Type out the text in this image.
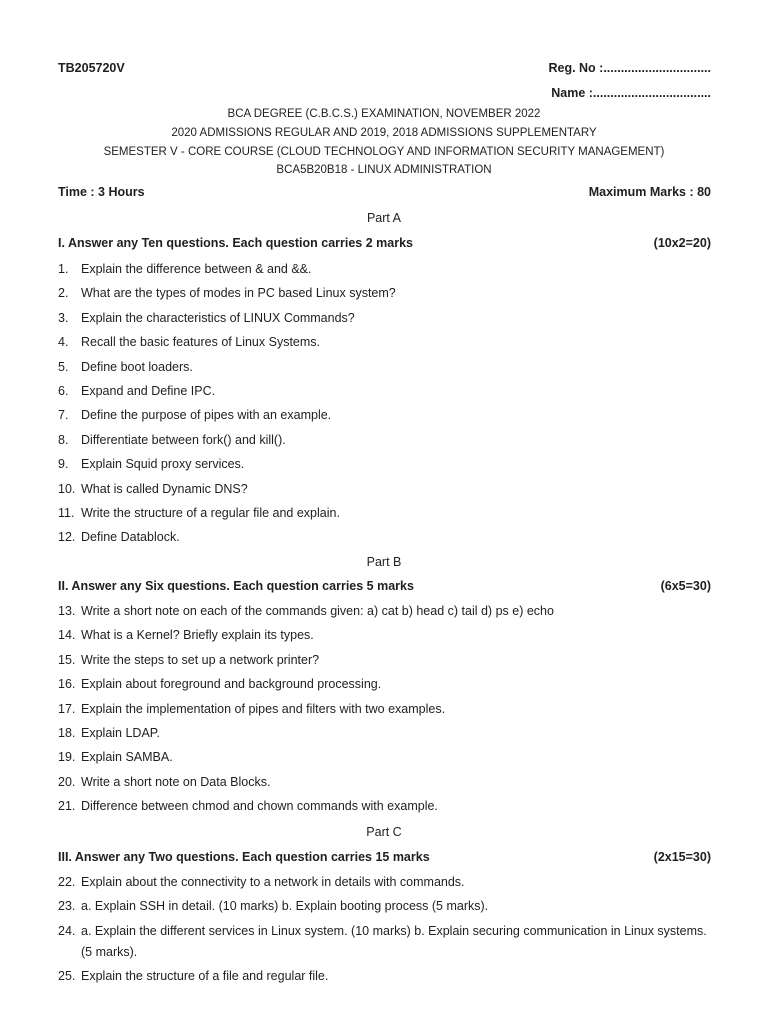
TB205720V	Reg. No :...............................
Name :..................................
BCA DEGREE (C.B.C.S.) EXAMINATION, NOVEMBER 2022
2020 ADMISSIONS REGULAR AND 2019, 2018 ADMISSIONS SUPPLEMENTARY
SEMESTER V - CORE COURSE (CLOUD TECHNOLOGY AND INFORMATION SECURITY MANAGEMENT)
BCA5B20B18 - LINUX ADMINISTRATION
Time : 3 Hours	Maximum Marks : 80
Part A
I. Answer any Ten questions. Each question carries 2 marks	(10x2=20)
1. Explain the difference between & and &&.
2. What are the types of modes in PC based Linux system?
3. Explain the characteristics of LINUX Commands?
4. Recall the basic features of Linux Systems.
5. Define boot loaders.
6. Expand and Define IPC.
7. Define the purpose of pipes with an example.
8. Differentiate between fork() and kill().
9. Explain Squid proxy services.
10. What is called Dynamic DNS?
11. Write the structure of a regular file and explain.
12. Define Datablock.
Part B
II. Answer any Six questions. Each question carries 5 marks	(6x5=30)
13. Write a short note on each of the commands given: a) cat b) head c) tail d) ps e) echo
14. What is a Kernel? Briefly explain its types.
15. Write the steps to set up a network printer?
16. Explain about foreground and background processing.
17. Explain the implementation of pipes and filters with two examples.
18. Explain LDAP.
19. Explain SAMBA.
20. Write a short note on Data Blocks.
21. Difference between chmod and chown commands with example.
Part C
III. Answer any Two questions. Each question carries 15 marks	(2x15=30)
22. Explain about the connectivity to a network in details with commands.
23. a. Explain SSH in detail. (10 marks) b. Explain booting process (5 marks).
24. a. Explain the different services in Linux system. (10 marks) b. Explain securing communication in Linux systems. (5 marks).
25. Explain the structure of a file and regular file.
